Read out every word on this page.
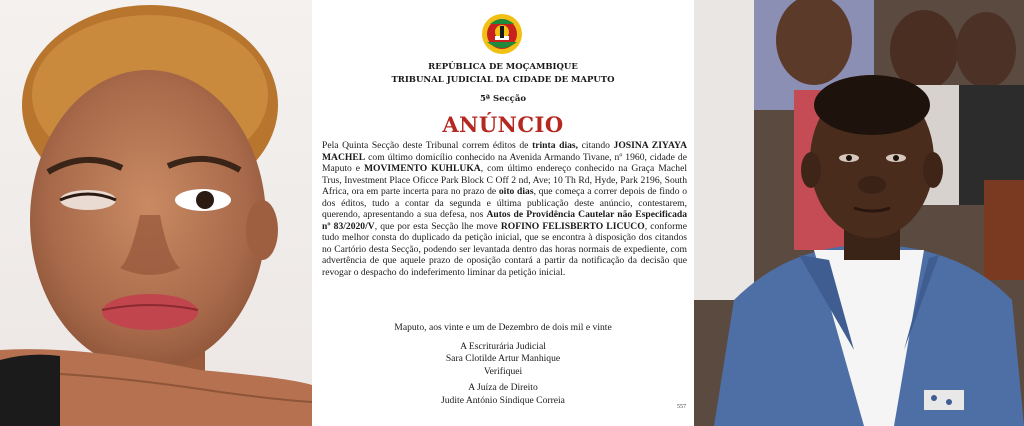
REPÚBLICA DE MOÇAMBIQUE
TRIBUNAL JUDICIAL DA CIDADE DE MAPUTO
5ª Secção
ANÚNCIO
Pela Quinta Secção deste Tribunal correm éditos de trinta dias, citando JOSINA ZIYAYA MACHEL com último domicílio conhecido na Avenida Armando Tivane, nº 1960, cidade de Maputo e MOVIMENTO KUHLUKA, com último endereço conhecido na Graça Machel Trus, Investment Place Oficce Park Block C Off 2 nd, Ave; 10 Th Rd, Hyde, Park 2196, South Africa, ora em parte incerta para no prazo de oito dias, que começa a correr depois de findo o dos éditos, tudo a contar da segunda e última publicação deste anúncio, contestarem, querendo, apresentando a sua defesa, nos Autos de Providência Cautelar não Especificada nº 83/2020/V, que por esta Secção lhe move ROFINO FELISBERTO LICUCO, conforme tudo melhor consta do duplicado da petição inicial, que se encontra à disposição dos citandos no Cartório desta Secção, podendo ser levantada dentro das horas normais de expediente, com advertência de que aquele prazo de oposição contará a partir da notificação da decisão que revogar o despacho do indeferimento liminar da petição inicial.
Maputo, aos vinte e um de Dezembro de dois mil e vinte
A Escriturária Judicial
Sara Clotilde Artur Manhique
Verifiquei
A Juíza de Direito
Judite António Sindique Correia
557
